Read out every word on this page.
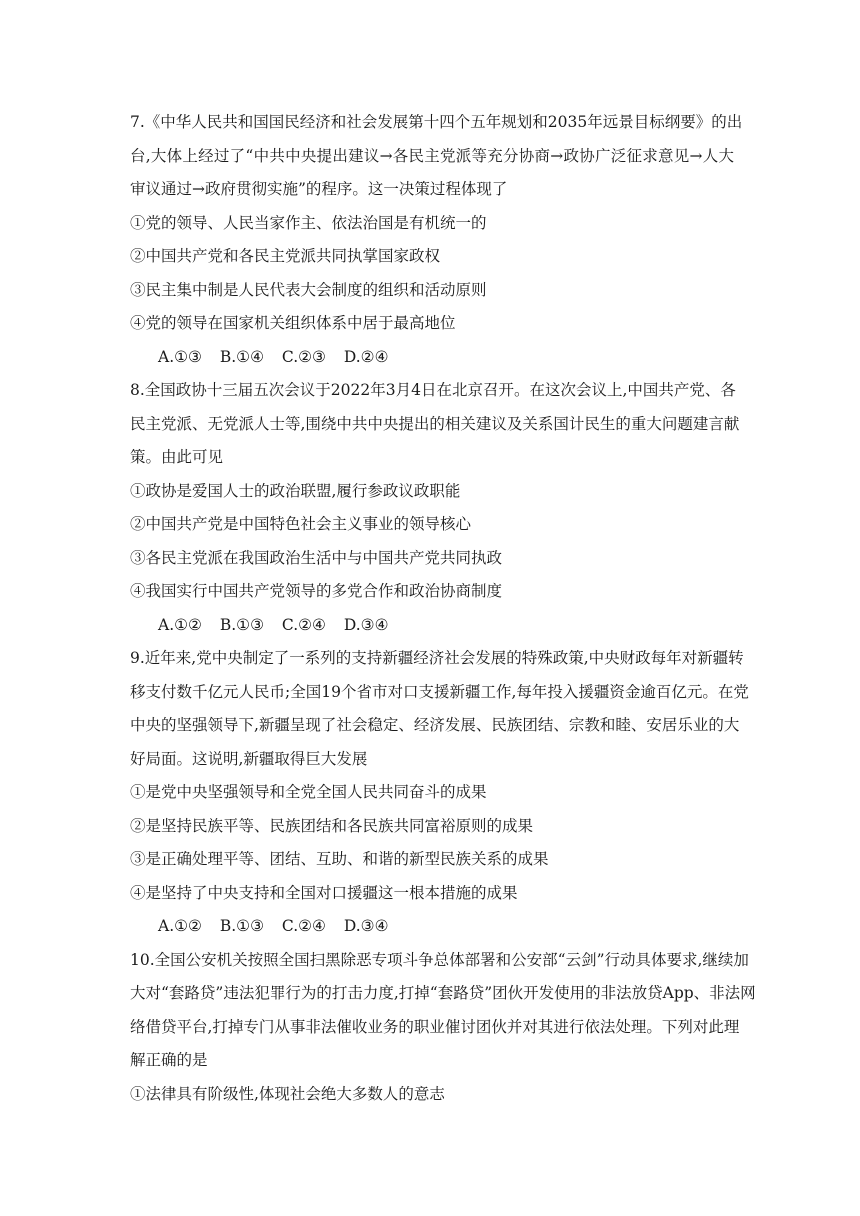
7.《中华人民共和国国民经济和社会发展第十四个五年规划和2035年远景目标纲要》的出
台,大体上经过了“中共中央提出建议→各民主党派等充分协商→政协广泛征求意见→人大
审议通过→政府贯彻实施”的程序。这一决策过程体现了
①党的领导、人民当家作主、依法治国是有机统一的
②中国共产党和各民主党派共同执掌国家政权
③民主集中制是人民代表大会制度的组织和活动原则
④党的领导在国家机关组织体系中居于最高地位
A.①③ B.①④ C.②③ D.②④
8.全国政协十三届五次会议于2022年3月4日在北京召开。在这次会议上,中国共产党、各
民主党派、无党派人士等,围绕中共中央提出的相关建议及关系国计民生的重大问题建言献
策。由此可见
①政协是爱国人士的政治联盟,履行参政议政职能
②中国共产党是中国特色社会主义事业的领导核心
③各民主党派在我国政治生活中与中国共产党共同执政
④我国实行中国共产党领导的多党合作和政治协商制度
A.①② B.①③ C.②④ D.③④
9.近年来,党中央制定了一系列的支持新疆经济社会发展的特殊政策,中央财政每年对新疆转
移支付数千亿元人民币;全国19个省市对口支援新疆工作,每年投入援疆资金逾百亿元。在党
中央的坚强领导下,新疆呈现了社会稳定、经济发展、民族团结、宗教和睦、安居乐业的大
好局面。这说明,新疆取得巨大发展
①是党中央坚强领导和全党全国人民共同奋斗的成果
②是坚持民族平等、民族团结和各民族共同富裕原则的成果
③是正确处理平等、团结、互助、和谐的新型民族关系的成果
④是坚持了中央支持和全国对口援疆这一根本措施的成果
A.①② B.①③ C.②④ D.③④
10.全国公安机关按照全国扫黑除恶专项斗争总体部署和公安部“云剑”行动具体要求,继续加
大对“套路贷”违法犯罪行为的打击力度,打掉“套路贷”团伙开发使用的非法放贷App、非法网
络借贷平台,打掉专门从事非法催收业务的职业催讨团伙并对其进行依法处理。下列对此理
解正确的是
①法律具有阶级性,体现社会绝大多数人的意志
